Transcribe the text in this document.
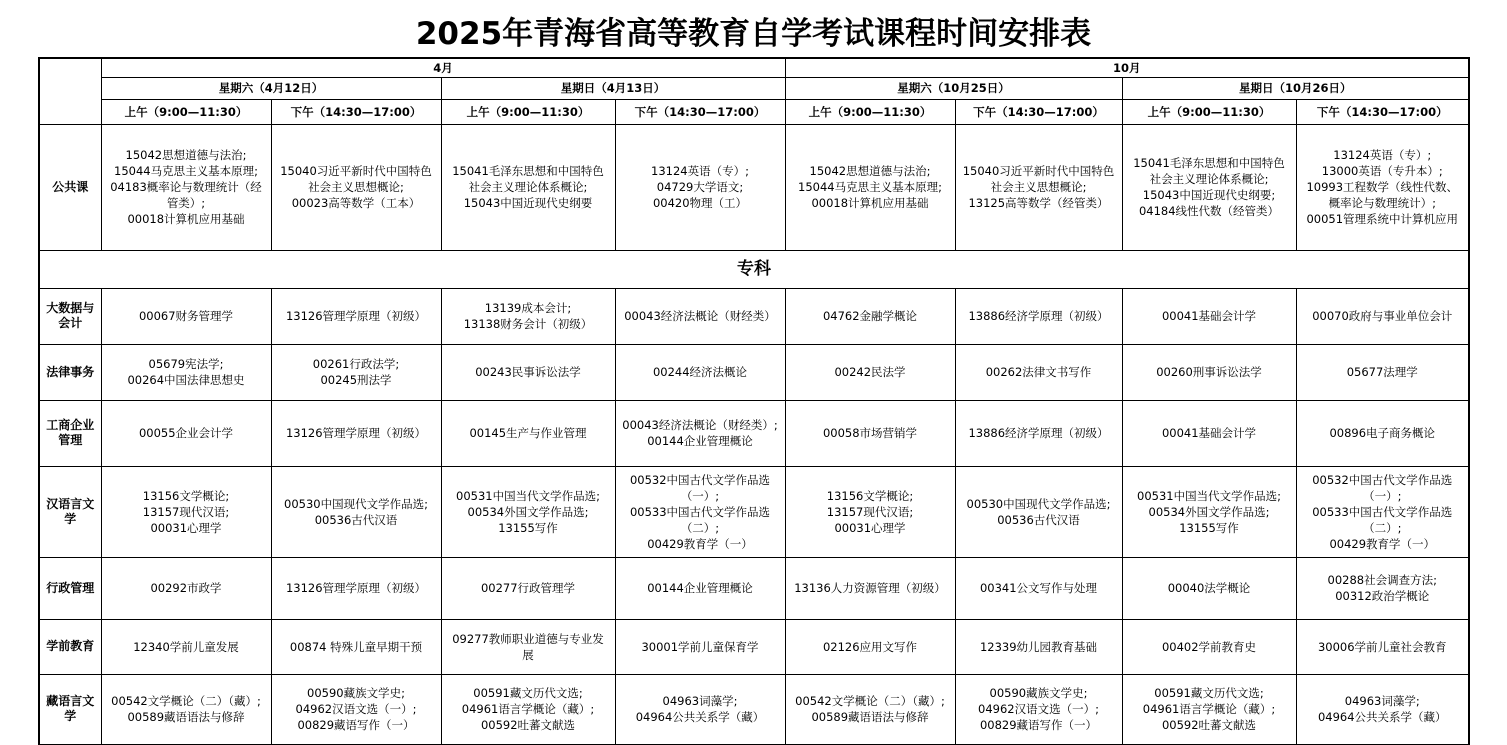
2025年青海省高等教育自学考试课程时间安排表
	4月				10月			
	星期六（4月12日）		星期日（4月13日）		星期六（10月25日）		星期日（10月26日）	
	上午（9:00—11:30）	下午（14:30—17:00）	上午（9:00—11:30）	下午（14:30—17:00）	上午（9:00—11:30）	下午（14:30—17:00）	上午（9:00—11:30）	下午（14:30—17:00）

公共课	15042思想道德与法治;
15044马克思主义基本原理;
04183概率论与数理统计（经
管类）;
00018计算机应用基础	15040习近平新时代中国特色
社会主义思想概论;
00023高等数学（工本）	15041毛泽东思想和中国特色
社会主义理论体系概论;
15043中国近现代史纲要	13124英语（专）;
04729大学语文;
00420物理（工）	15042思想道德与法治;
15044马克思主义基本原理;
00018计算机应用基础	15040习近平新时代中国特色
社会主义思想概论;
13125高等数学（经管类）	15041毛泽东思想和中国特色
社会主义理论体系概论;
15043中国近现代史纲要;
04184线性代数（经管类）	13124英语（专）;
13000英语（专升本）;
10993工程数学（线性代数、
概率论与数理统计）;
00051管理系统中计算机应用

专科								

大数据与
会计	00067财务管理学	13126管理学原理（初级）	13139成本会计;
13138财务会计（初级）	00043经济法概论（财经类）	04762金融学概论	13886经济学原理（初级）	00041基础会计学	00070政府与事业单位会计

法律事务	05679宪法学;
00264中国法律思想史	00261行政法学;
00245刑法学	00243民事诉讼法学	00244经济法概论	00242民法学	00262法律文书写作	00260刑事诉讼法学	05677法理学

工商企业
管理	00055企业会计学	13126管理学原理（初级）	00145生产与作业管理	00043经济法概论（财经类）;
00144企业管理概论	00058市场营销学	13886经济学原理（初级）	00041基础会计学	00896电子商务概论

汉语言文
学	13156文学概论;
13157现代汉语;
00031心理学	00530中国现代文学作品选;
00536古代汉语	00531中国当代文学作品选;
00534外国文学作品选;
13155写作	00532中国古代文学作品选
（一）;
00533中国古代文学作品选
（二）;
00429教育学（一）	13156文学概论;
13157现代汉语;
00031心理学	00530中国现代文学作品选;
00536古代汉语	00531中国当代文学作品选;
00534外国文学作品选;
13155写作	00532中国古代文学作品选
（一）;
00533中国古代文学作品选
（二）;
00429教育学（一）

行政管理	00292市政学	13126管理学原理（初级）	00277行政管理学	00144企业管理概论	13136人力资源管理（初级）	00341公文写作与处理	00040法学概论	00288社会调查方法;
00312政治学概论

学前教育	12340学前儿童发展	00874 特殊儿童早期干预	09277教师职业道德与专业发
展	30001学前儿童保育学	02126应用文写作	12339幼儿园教育基础	00402学前教育史	30006学前儿童社会教育

藏语言文
学	00542文学概论（二）（藏）;
00589藏语语法与修辞	00590藏族文学史;
04962汉语文选（一）;
00829藏语写作（一）	00591藏文历代文选;
04961语言学概论（藏）;
00592吐蕃文献选	04963词藻学;
04964公共关系学（藏）	00542文学概论（二）（藏）;
00589藏语语法与修辞	00590藏族文学史;
04962汉语文选（一）;
00829藏语写作（一）	00591藏文历代文选;
04961语言学概论（藏）;
00592吐蕃文献选	04963词藻学;
04964公共关系学（藏）
